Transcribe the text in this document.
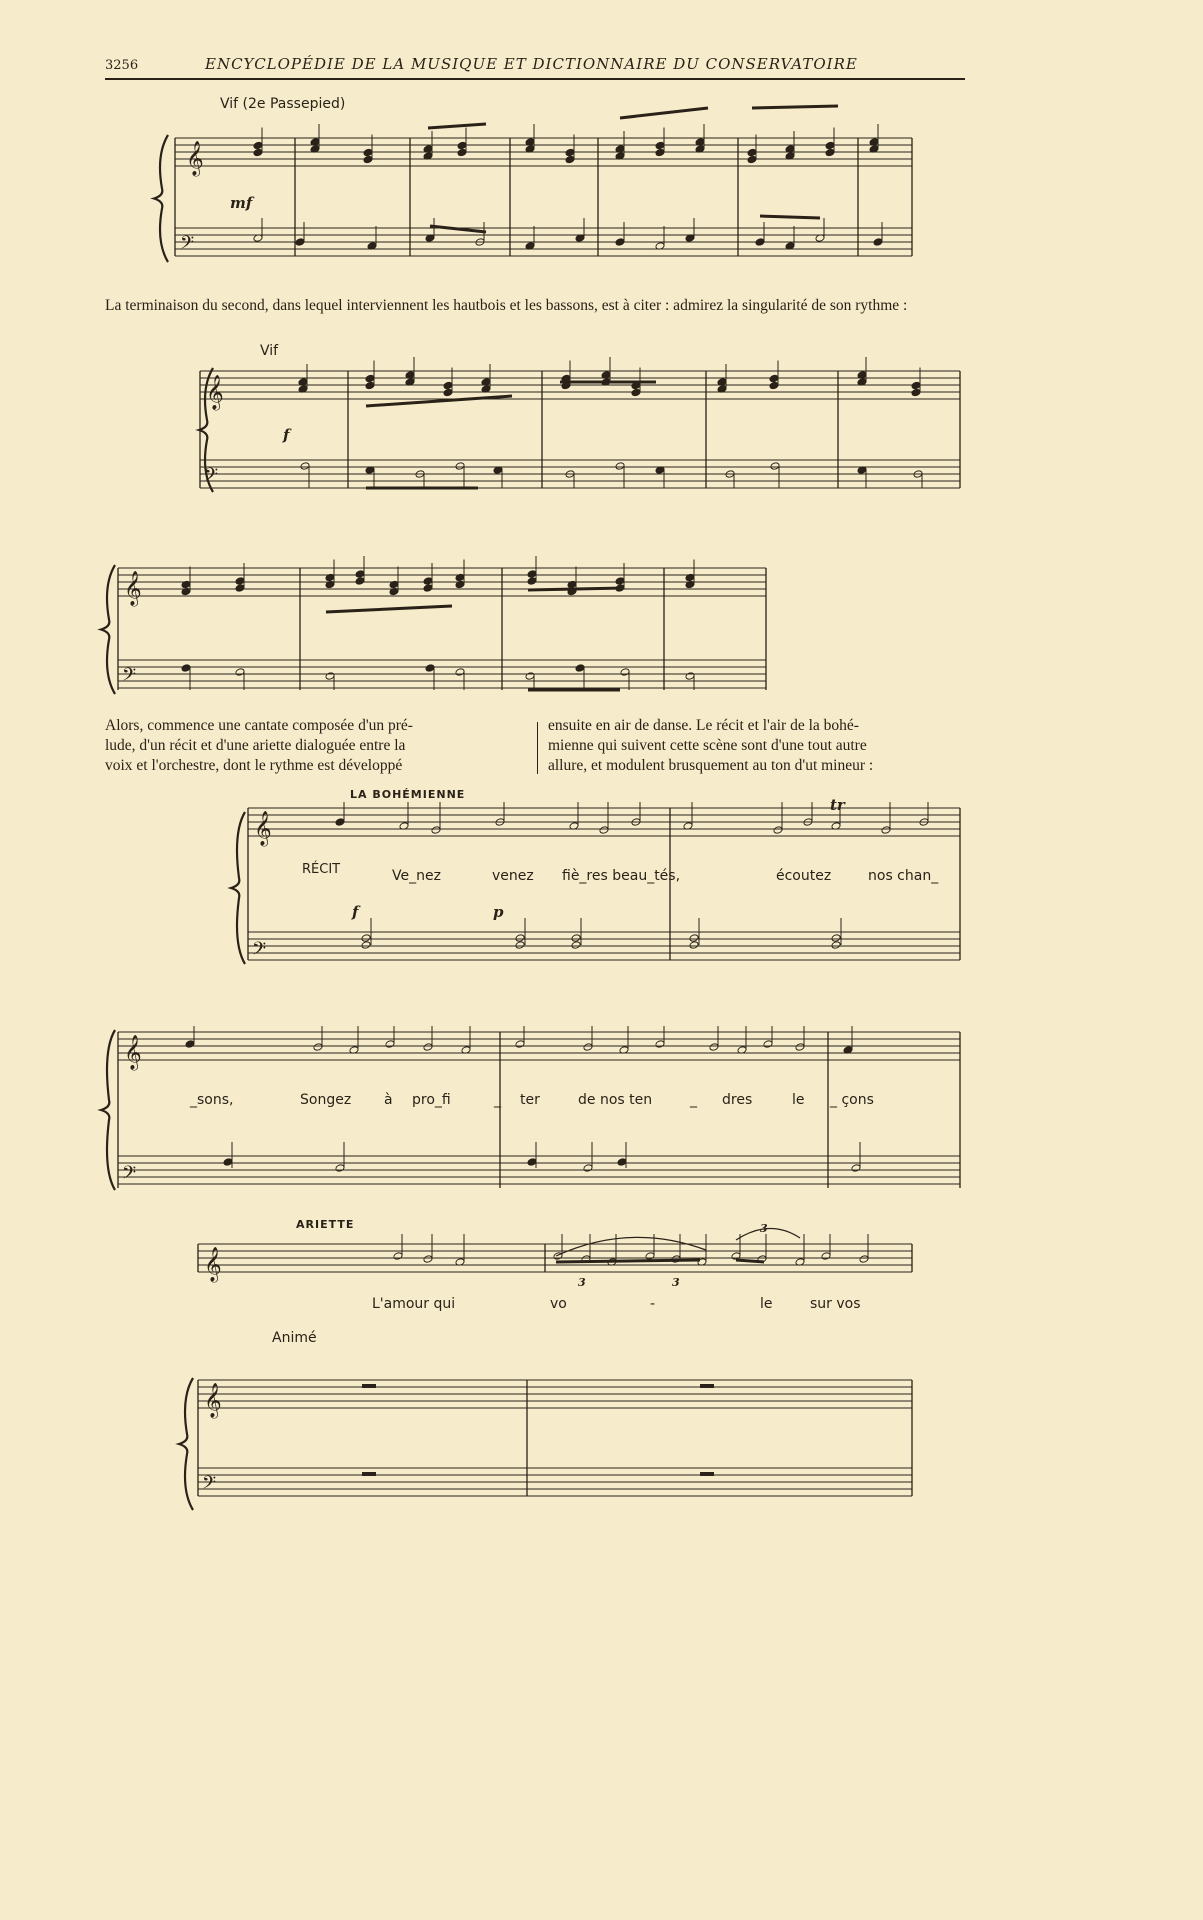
3256	ENCYCLOPÉDIE DE LA MUSIQUE ET DICTIONNAIRE DU CONSERVATOIRE
Vif (2e Passepied)
mf
La terminaison du second, dans lequel interviennent les hautbois et les bassons, est à citer : admirez la singularité de son rythme :
Vif
f
Alors, commence une cantate composée d'un pré-
lude, d'un récit et d'une ariette dialoguée entre la
voix et l'orchestre, dont le rythme est développé
ensuite en air de danse. Le récit et l'air de la bohé-
mienne qui suivent cette scène sont d'une tout autre
allure, et modulent brusquement au ton d'ut mineur :
LA BOHÉMIENNE
RÉCIT
tr
f	p
Ve_nez	venez fiè_res beau_tés,	écoutez	nos chan_
_sons,	Songez à pro_fi	_ ter	de nos ten	_ dres	le _ çons
ARIETTE
L'amour qui	vo	-	le	sur vos
Animé
3	3
3
𝄞
𝄢
𝄞
𝄢
𝄞
𝄢
𝄞
𝄢
𝄞
𝄢
𝄞
𝄞
𝄢
